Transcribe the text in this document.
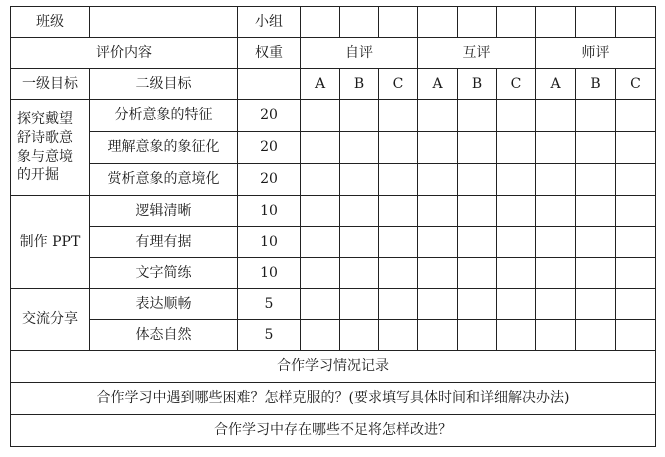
班级		小组									
评价内容		权重	自评			互评			师评		
一级目标	二级目标		A	B	C	A	B	C	A	B	C
探究戴望舒诗歌意象与意境的开掘	分析意象的特征	20									
	理解意象的象征化	20									
	赏析意象的意境化	20									
制作 PPT	逻辑清晰	10									
	有理有据	10									
	文字简练	10									
交流分享	表达顺畅	5									
	体态自然	5									
合作学习情况记录											
合作学习中遇到哪些困难？怎样克服的？(要求填写具体时间和详细解决办法)											
合作学习中存在哪些不足将怎样改进？											
